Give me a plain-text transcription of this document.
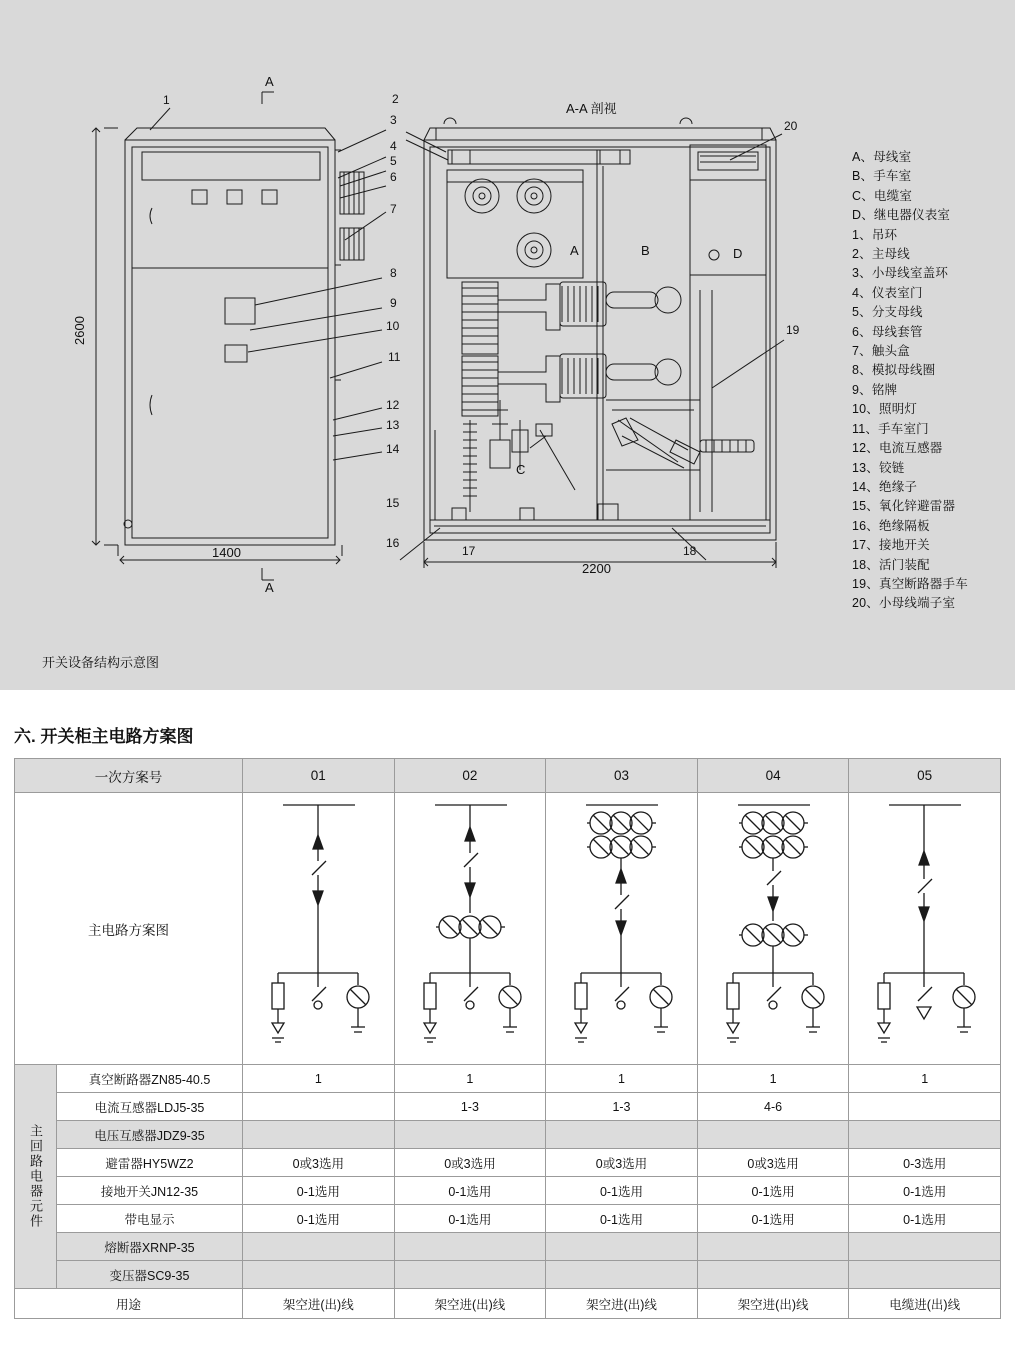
1	2
3
4
5
6
7
8
9
10
11
12
13
14
15
16
17	18
19
20
A	B
C
D
A
A
A-A 剖视
2600
1400
2200
A、母线室
B、手车室
C、电缆室
D、继电器仪表室
1、吊环
2、主母线
3、小母线室盖环
4、仪表室门
5、分支母线
6、母线套管
7、触头盒
8、模拟母线圈
9、铭牌
10、照明灯
11、手车室门
12、电流互感器
13、铰链
14、绝缘子
15、氧化锌避雷器
16、绝缘隔板
17、接地开关
18、活门装配
19、真空断路器手车
20、小母线端子室
开关设备结构示意图
六. 开关柜主电路方案图
一次方案号		01	02	03	04	05
主电路方案图	

主回路电器元件	真空断路器ZN85-40.5	1	1	1	1	1
	电流互感器LDJ5-35		1-3	1-3	4-6	
	电压互感器JDZ9-35					
	避雷器HY5WZ2	0或3选用	0或3选用	0或3选用	0或3选用	0-3选用
	接地开关JN12-35	0-1选用	0-1选用	0-1选用	0-1选用	0-1选用
	带电显示	0-1选用	0-1选用	0-1选用	0-1选用	0-1选用
	熔断器XRNP-35					
	变压器SC9-35					
用途		架空进(出)线	架空进(出)线	架空进(出)线	架空进(出)线	电缆进(出)线
